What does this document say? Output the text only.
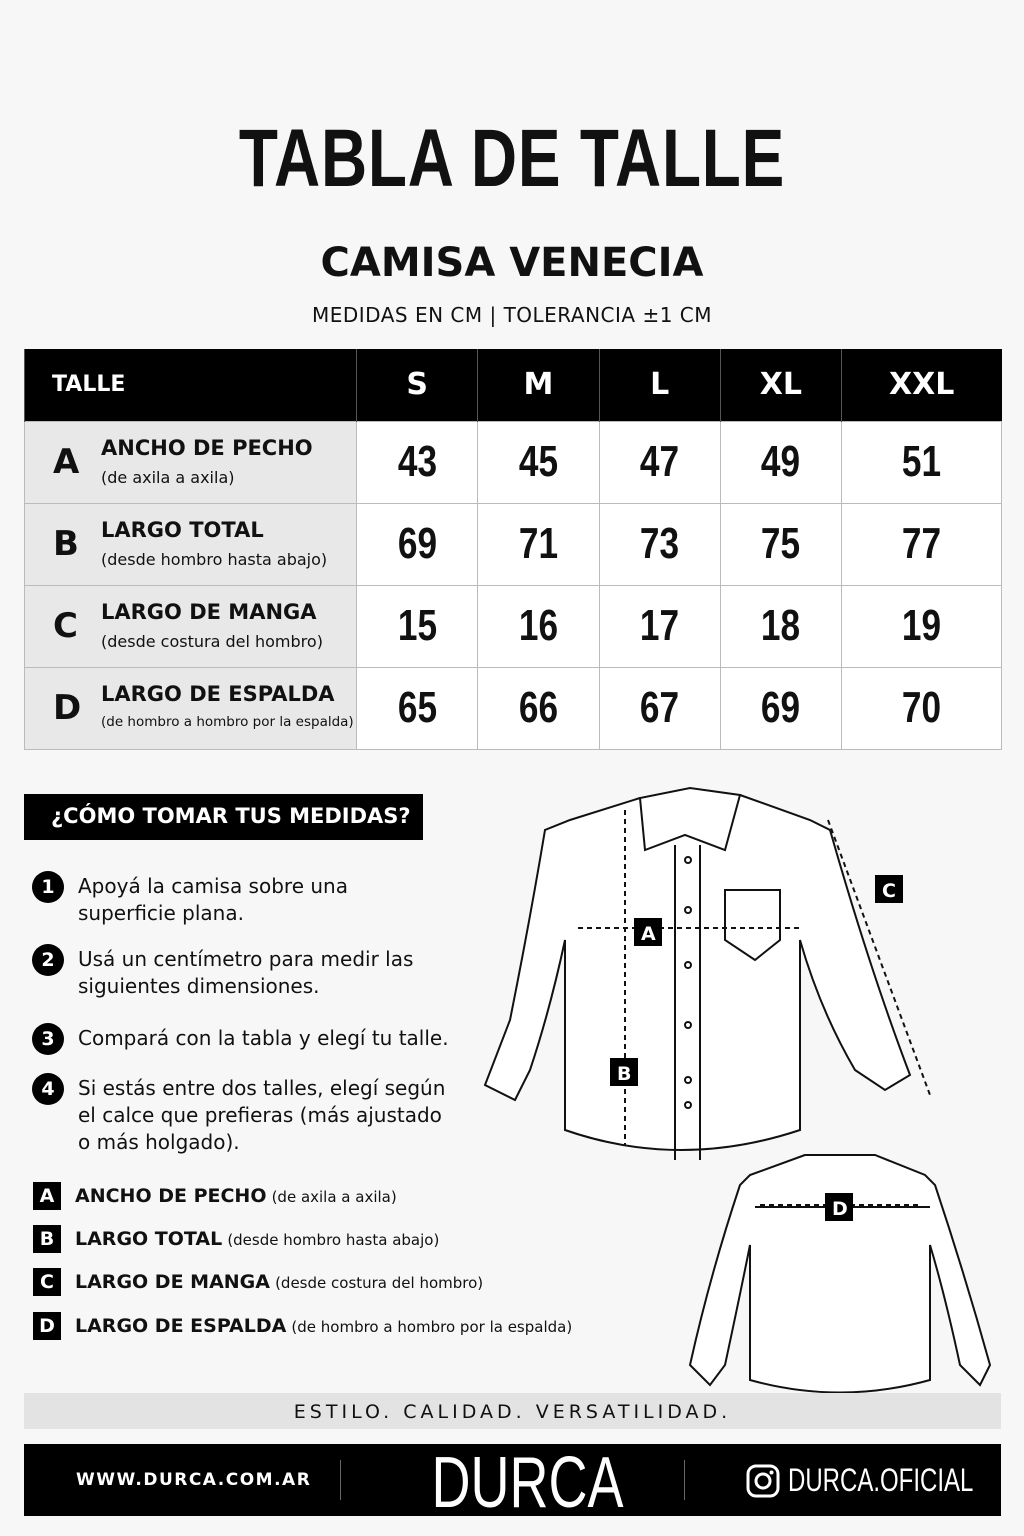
TABLA DE TALLE
CAMISA VENECIA
MEDIDAS EN CM | TOLERANCIA ±1 CM
TALLE	S	M	L	XL	XXL

A ANCHO DE PECHO
(de axila a axila)	43	45	47	49	51

B LARGO TOTAL
(desde hombro hasta abajo)	69	71	73	75	77

C LARGO DE MANGA
(desde costura del hombro)	15	16	17	18	19

D LARGO DE ESPALDA
(de hombro a hombro por la espalda)	65	66	67	69	70
¿CÓMO TOMAR TUS MEDIDAS?
1	Apoyá la camisa sobre una superficie plana.
2	Usá un centímetro para medir las siguientes dimensiones.
3	Compará con la tabla y elegí tu talle.
4	Si estás entre dos talles, elegí según el calce que prefieras (más ajustado o más holgado).
A	ANCHO DE PECHO (de axila a axila)
B	LARGO TOTAL (desde hombro hasta abajo)
C	LARGO DE MANGA (desde costura del hombro)
D	LARGO DE ESPALDA (de hombro a hombro por la espalda)
A
B
C
D
ESTILO. CALIDAD. VERSATILIDAD.
WWW.DURCA.COM.AR DURCA	DURCA.OFICIAL
